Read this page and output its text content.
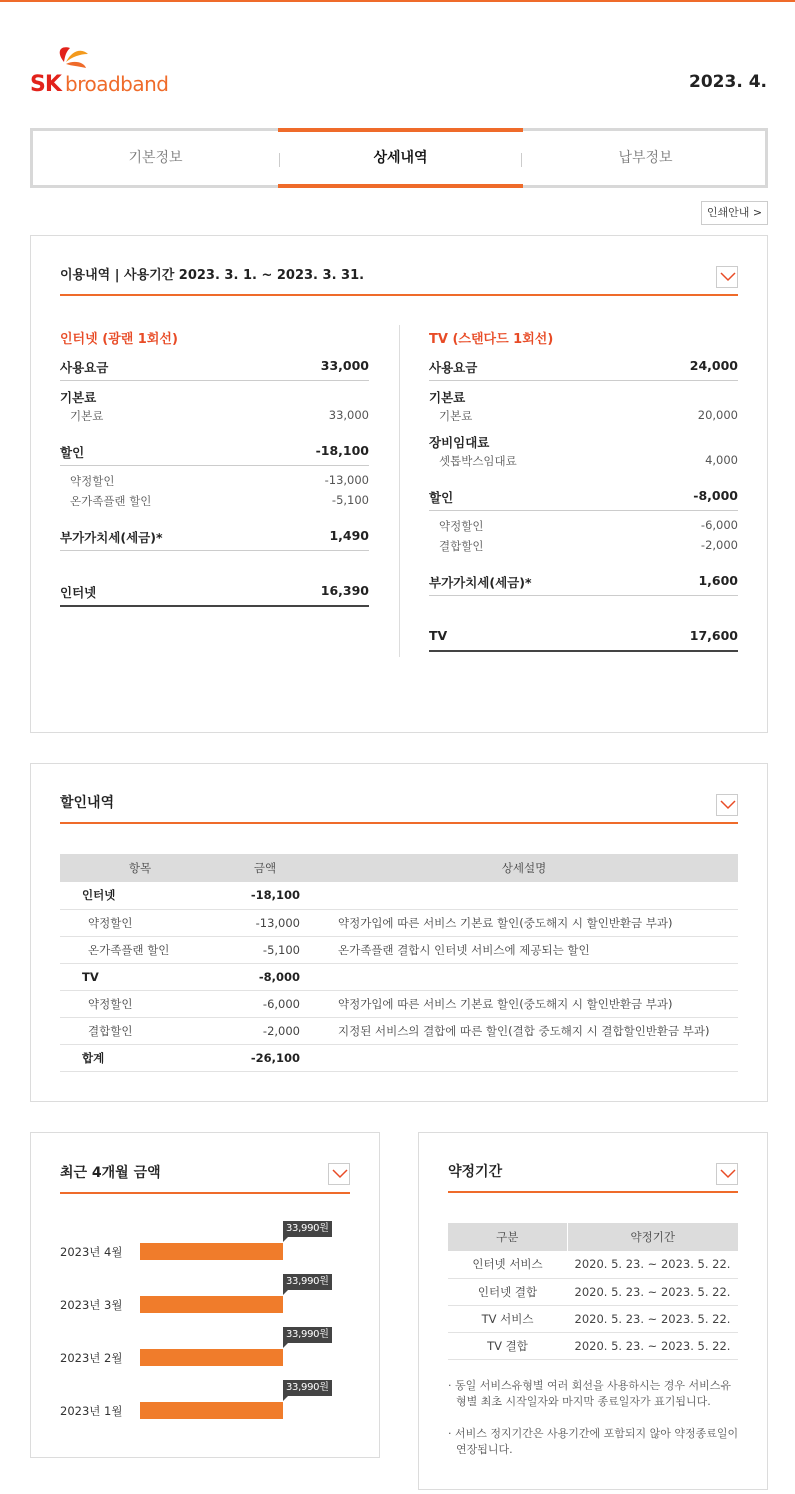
SK broadband	2023. 4.
기본정보	상세내역	납부정보
인쇄안내 >
이용내역 | 사용기간 2023. 3. 1. ~ 2023. 3. 31.
인터넷 (광랜 1회선)
사용요금	33,000
기본료
기본료	33,000
할인	-18,100
약정할인	-13,000
온가족플랜 할인	-5,100
부가가치세(세금)*	1,490
인터넷	16,390
TV (스탠다드 1회선)
사용요금	24,000
기본료
기본료	20,000
장비임대료
셋톱박스임대료	4,000
할인	-8,000
약정할인	-6,000
결합할인	-2,000
부가가치세(세금)*	1,600
TV	17,600
할인내역
항목	금액	상세설명
인터넷	-18,100	
약정할인	-13,000	약정가입에 따른 서비스 기본료 할인(중도해지 시 할인반환금 부과)
온가족플랜 할인	-5,100	온가족플랜 결합시 인터넷 서비스에 제공되는 할인
TV	-8,000	
약정할인	-6,000	약정가입에 따른 서비스 기본료 할인(중도해지 시 할인반환금 부과)
결합할인	-2,000	지정된 서비스의 결합에 따른 할인(결합 중도해지 시 결합할인반환금 부과)
합계	-26,100	
최근 4개월 금액
2023년 4월
33,990원
2023년 3월
33,990원
2023년 2월
33,990원
2023년 1월
33,990원
약정기간
구분	약정기간
인터넷 서비스	2020. 5. 23. ~ 2023. 5. 22.
인터넷 결합	2020. 5. 23. ~ 2023. 5. 22.
TV 서비스	2020. 5. 23. ~ 2023. 5. 22.
TV 결합	2020. 5. 23. ~ 2023. 5. 22.
· 동일 서비스유형별 여러 회선을 사용하시는 경우 서비스유형별 최초 시작일자와 마지막 종료일자가 표기됩니다.
· 서비스 정지기간은 사용기간에 포함되지 않아 약정종료일이 연장됩니다.
